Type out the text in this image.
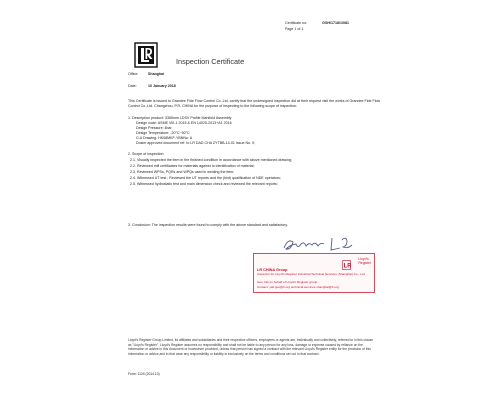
Certificate no:	GSH/1718/1/081
Page 1 of 1
Inspection Certificate
Office:	Shanghai
Date:	10 January 2018
This Certificate is issued to Grandee Fide Flow Control Co.,Ltd. certify that the undersigned inspection did at their request visit the works of Grandee Fide Flow Control Co.,Ltd. Changzhou, P.R. CHINA for the purpose of inspecting to the following scope of inspection:
1. Description product: 3365mm LDSV Profile Manifold Assembly
Design code: ASME VIII-1 2015 & EN 14025-2013+A1 2016
Design Pressure: 4bar
Design Temperature: -20°C~50°C
G.A Drawing: HK08MKF-YBNNo: A
Dosier approved document ref. to LR DAD CHA ZYTBB-14-01 Issue No. 0;
2. Scope of inspection:
2.1. Visually inspected the item in the finished condition in accordance with above mentioned drawing;
2.2. Reviewed mill certificates for materials against to identification of material;
2.3. Reviewed WPSs, PQRs and WPQs used in welding the item;
2.4. Witnessed UT test ; Reviewed the UT reports and the (hint) qualification of NDE operators;
2.5. Witnessed hydrostatic test and main dimension check and reviewed the relevant reports;
3. Conclusion: The inspection results were found to comply with the above standard and satisfactory.
LR
Lloyd's
Register
LR CHINA Group
Inspector for Lloyd's Register Industrial Technical Services (Shanghai) Co., Ltd.
Guo Yali on behalf of Lloyd's Register group
Contact: yali.guo@lr.org technical.services.shanghai@lr.org
Lloyd's Register Group Limited, its affiliates and subsidiaries and their respective officers, employees or agents are, individually and collectively, referred to in this clause as "Lloyd's Register". Lloyd's Register assumes no responsibility and shall not be liable to any person for any loss, damage or expense caused by reliance on the information or advice in this document or howsoever provided, unless that person has signed a contract with the relevant Lloyd's Register entity for the provision of this information or advice and in that case any responsibility or liability is exclusively on the terms and conditions set out in that contract.
Form: 1124 (2014.10)
